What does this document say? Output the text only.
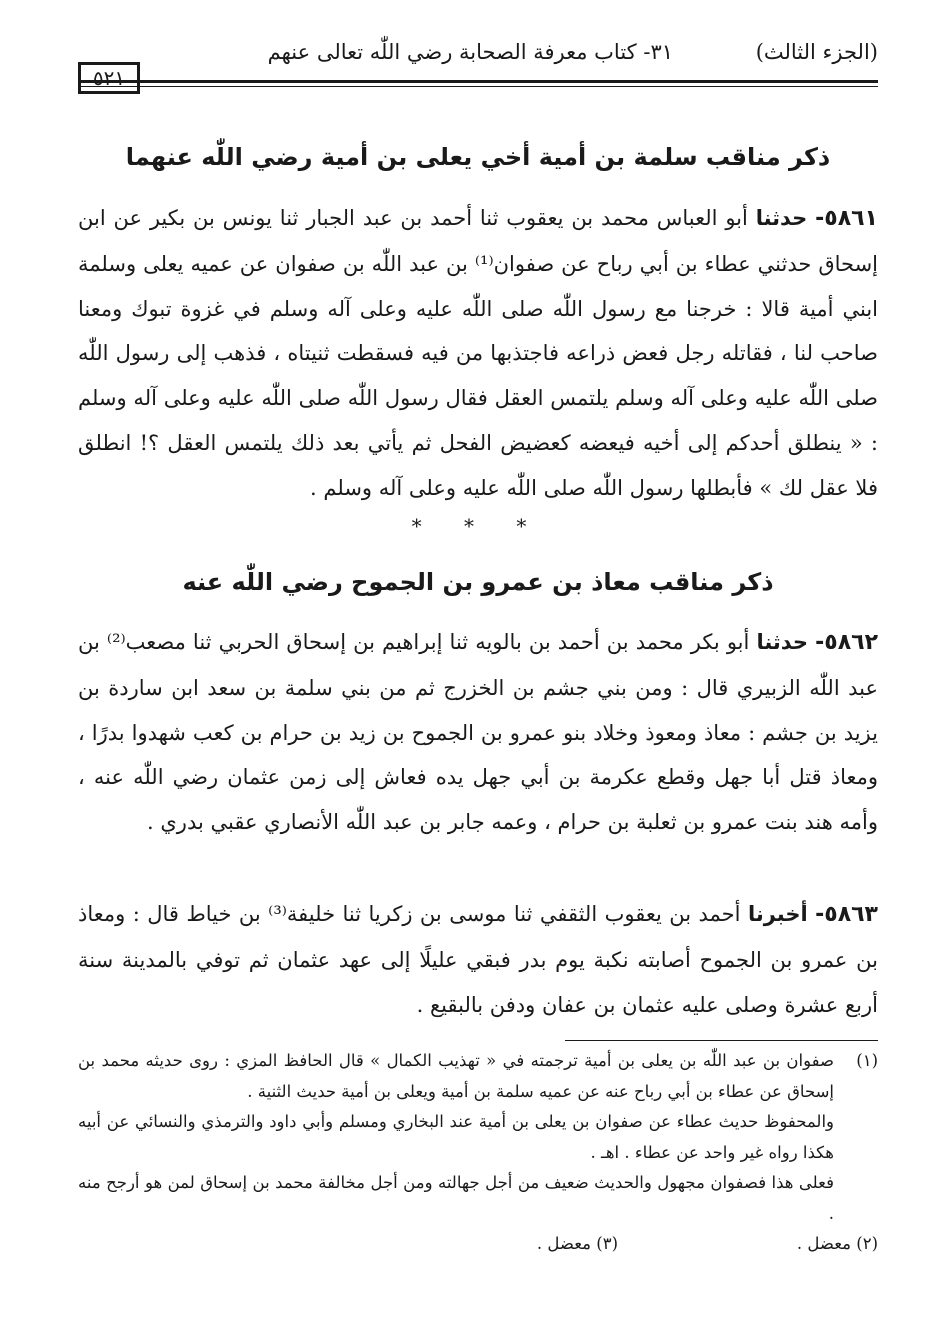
(الجزء الثالث)
٣١- كتاب معرفة الصحابة رضي اللّٰه تعالى عنهم
٥٢١
ذكر مناقب سلمة بن أمية أخي يعلى بن أمية رضي اللّٰه عنهما
٥٨٦١- حدثنا أبو العباس محمد بن يعقوب ثنا أحمد بن عبد الجبار ثنا يونس بن بكير عن ابن إسحاق حدثني عطاء بن أبي رباح عن صفوان⁽¹⁾ بن عبد اللّٰه بن صفوان عن عميه يعلى وسلمة ابني أمية قالا : خرجنا مع رسول اللّٰه صلى اللّٰه عليه وعلى آله وسلم في غزوة تبوك ومعنا صاحب لنا ، فقاتله رجل فعض ذراعه فاجتذبها من فيه فسقطت ثنيتاه ، فذهب إلى رسول اللّٰه صلى اللّٰه عليه وعلى آله وسلم يلتمس العقل فقال رسول اللّٰه صلى اللّٰه عليه وعلى آله وسلم : « ينطلق أحدكم إلى أخيه فيعضه كعضيض الفحل ثم يأتي بعد ذلك يلتمس العقل ؟! انطلق فلا عقل لك » فأبطلها رسول اللّٰه صلى اللّٰه عليه وعلى آله وسلم .
* * *
ذكر مناقب معاذ بن عمرو بن الجموح رضي اللّٰه عنه
٥٨٦٢- حدثنا أبو بكر محمد بن أحمد بن بالويه ثنا إبراهيم بن إسحاق الحربي ثنا مصعب⁽²⁾ بن عبد اللّٰه الزبيري قال : ومن بني جشم بن الخزرج ثم من بني سلمة بن سعد ابن ساردة بن يزيد بن جشم : معاذ ومعوذ وخلاد بنو عمرو بن الجموح بن زيد بن حرام بن كعب شهدوا بدرًا ، ومعاذ قتل أبا جهل وقطع عكرمة بن أبي جهل يده فعاش إلى زمن عثمان رضي اللّٰه عنه ، وأمه هند بنت عمرو بن ثعلبة بن حرام ، وعمه جابر بن عبد اللّٰه الأنصاري عقبي بدري .
٥٨٦٣- أخبرنا أحمد بن يعقوب الثقفي ثنا موسى بن زكريا ثنا خليفة⁽³⁾ بن خياط قال : ومعاذ بن عمرو بن الجموح أصابته نكبة يوم بدر فبقي عليلًا إلى عهد عثمان ثم توفي بالمدينة سنة أربع عشرة وصلى عليه عثمان بن عفان ودفن بالبقيع .
(١)
صفوان بن عبد اللّٰه بن يعلى بن أمية ترجمته في « تهذيب الكمال » قال الحافظ المزي : روى حديثه محمد بن إسحاق عن عطاء بن أبي رباح عنه عن عميه سلمة بن أمية ويعلى بن أمية حديث الثنية .
والمحفوظ حديث عطاء عن صفوان بن يعلى بن أمية عند البخاري ومسلم وأبي داود والترمذي والنسائي عن أبيه هكذا رواه غير واحد عن عطاء . اهـ .
فعلى هذا فصفوان مجهول والحديث ضعيف من أجل جهالته ومن أجل مخالفة محمد بن إسحاق لمن هو أرجح منه .
(٢) معضل .
(٣) معضل .
